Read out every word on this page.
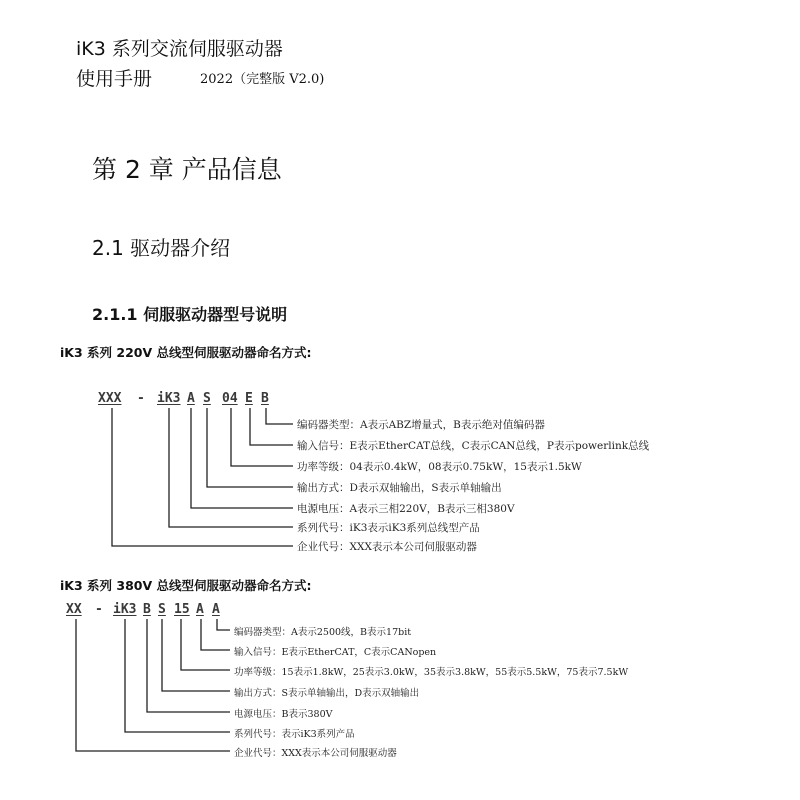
iK3 系列交流伺服驱动器
使用手册	2022（完整版 V2.0)
第 2 章 产品信息
2.1 驱动器介绍
2.1.1 伺服驱动器型号说明
iK3 系列 220V 总线型伺服驱动器命名方式:
XXX - iK3 A S 04 E B
编码器类型：A表示ABZ增量式，B表示绝对值编码器
输入信号：E表示EtherCAT总线，C表示CAN总线，P表示powerlink总线
功率等级：04表示0.4kW，08表示0.75kW，15表示1.5kW
输出方式：D表示双轴输出，S表示单轴输出
电源电压：A表示三相220V，B表示三相380V
系列代号：iK3表示iK3系列总线型产品
企业代号：XXX表示本公司伺服驱动器
iK3 系列 380V 总线型伺服驱动器命名方式:
XX - iK3 B S 15 A A
编码器类型：A表示2500线，B表示17bit
输入信号：E表示EtherCAT，C表示CANopen
功率等级：15表示1.8kW，25表示3.0kW，35表示3.8kW，55表示5.5kW，75表示7.5kW
输出方式：S表示单轴输出，D表示双轴输出
电源电压：B表示380V
系列代号：表示iK3系列产品
企业代号：XXX表示本公司伺服驱动器
